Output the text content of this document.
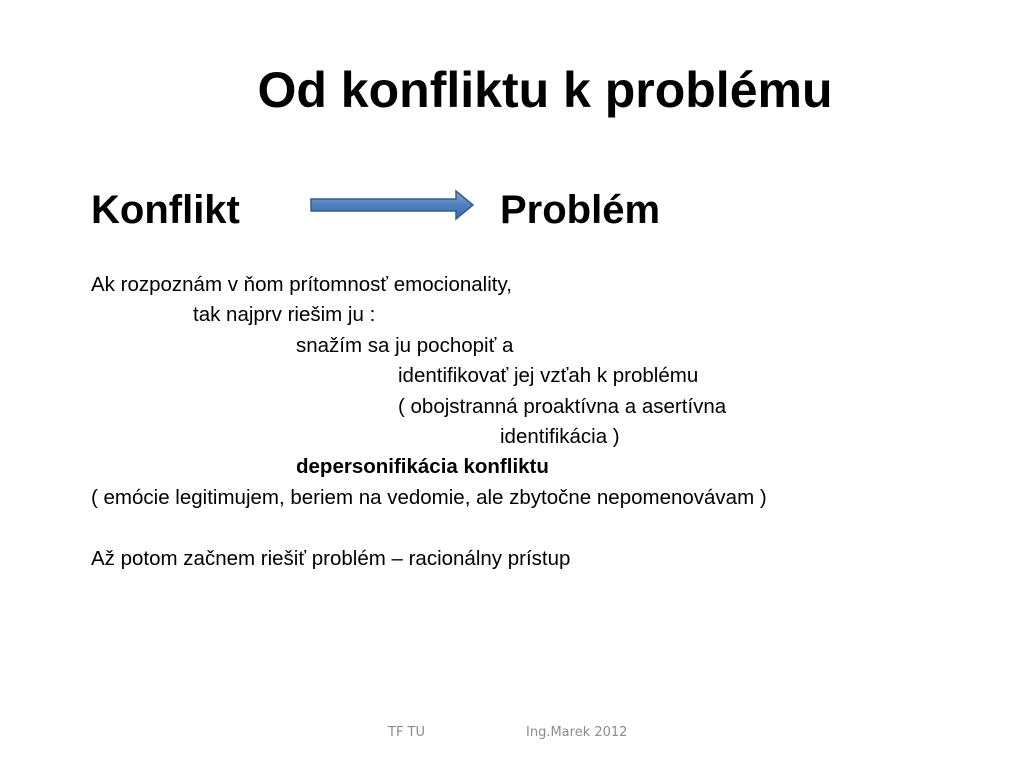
Od konfliktu k problému
Konflikt	Problém
Ak rozpoznám v ňom prítomnosť emocionality,
tak najprv riešim ju :
snažím sa ju pochopiť a
identifikovať jej vzťah k problému
( obojstranná proaktívna a asertívna
identifikácia )
depersonifikácia konfliktu
( emócie legitimujem, beriem na vedomie, ale zbytočne nepomenovávam )
Až potom začnem riešiť problém – racionálny prístup
TF TU	Ing.Marek 2012
